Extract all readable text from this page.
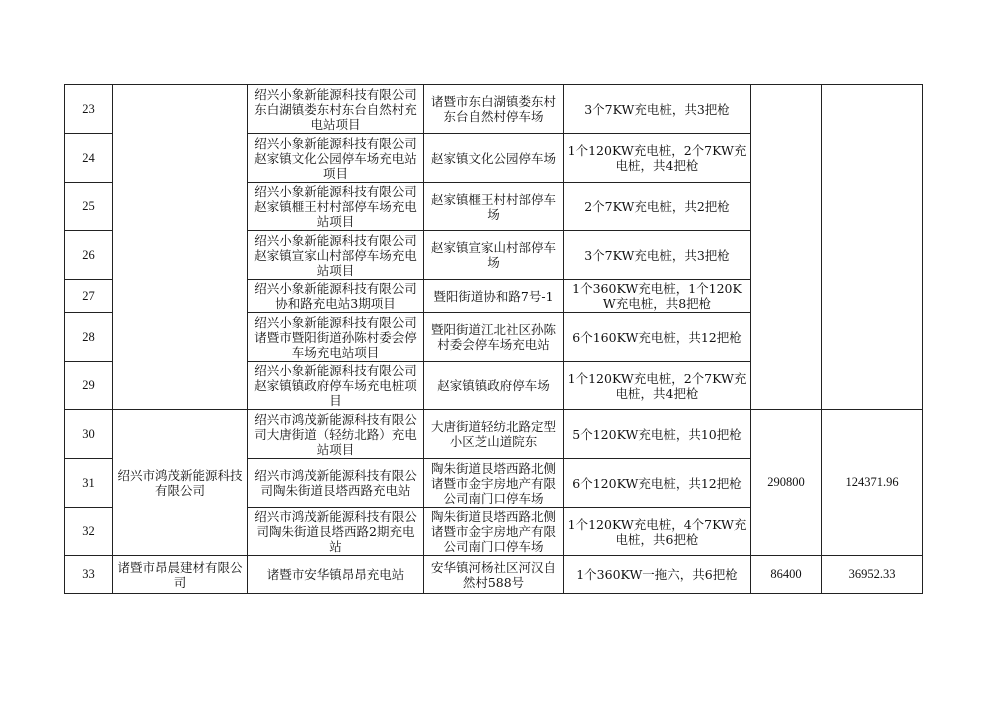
23		绍兴小象新能源科技有限公司东白湖镇娄东村东台自然村充电站项目	诸暨市东白湖镇娄东村东台自然村停车场	3个7KW充电桩，共3把枪		
24		绍兴小象新能源科技有限公司赵家镇文化公园停车场充电站项目	赵家镇文化公园停车场	1个120KW充电桩，2个7KW充电桩，共4把枪		
25		绍兴小象新能源科技有限公司赵家镇榧王村村部停车场充电站项目	赵家镇榧王村村部停车场	2个7KW充电桩，共2把枪		
26		绍兴小象新能源科技有限公司赵家镇宣家山村部停车场充电站项目	赵家镇宣家山村部停车场	3个7KW充电桩，共3把枪		
27		绍兴小象新能源科技有限公司协和路充电站3期项目	暨阳街道协和路7号-1	1个360KW充电桩，1个120KW充电桩，共8把枪		
28		绍兴小象新能源科技有限公司诸暨市暨阳街道孙陈村委会停车场充电站项目	暨阳街道江北社区孙陈村委会停车场充电站	6个160KW充电桩，共12把枪		
29		绍兴小象新能源科技有限公司赵家镇镇政府停车场充电桩项目	赵家镇镇政府停车场	1个120KW充电桩，2个7KW充电桩，共4把枪		
30	绍兴市鸿茂新能源科技有限公司	绍兴市鸿茂新能源科技有限公司大唐街道（轻纺北路）充电站项目	大唐街道轻纺北路定型小区芝山道院东	5个120KW充电桩，共10把枪	290800	124371.96
31		绍兴市鸿茂新能源科技有限公司陶朱街道艮塔西路充电站	陶朱街道艮塔西路北侧诸暨市金宇房地产有限公司南门口停车场	6个120KW充电桩，共12把枪		
32		绍兴市鸿茂新能源科技有限公司陶朱街道艮塔西路2期充电站	陶朱街道艮塔西路北侧诸暨市金宇房地产有限公司南门口停车场	1个120KW充电桩，4个7KW充电桩，共6把枪		
33	诸暨市昂晨建材有限公司	诸暨市安华镇昂昂充电站	安华镇河杨社区河汉自然村588号	1个360KW一拖六，共6把枪	86400	36952.33
